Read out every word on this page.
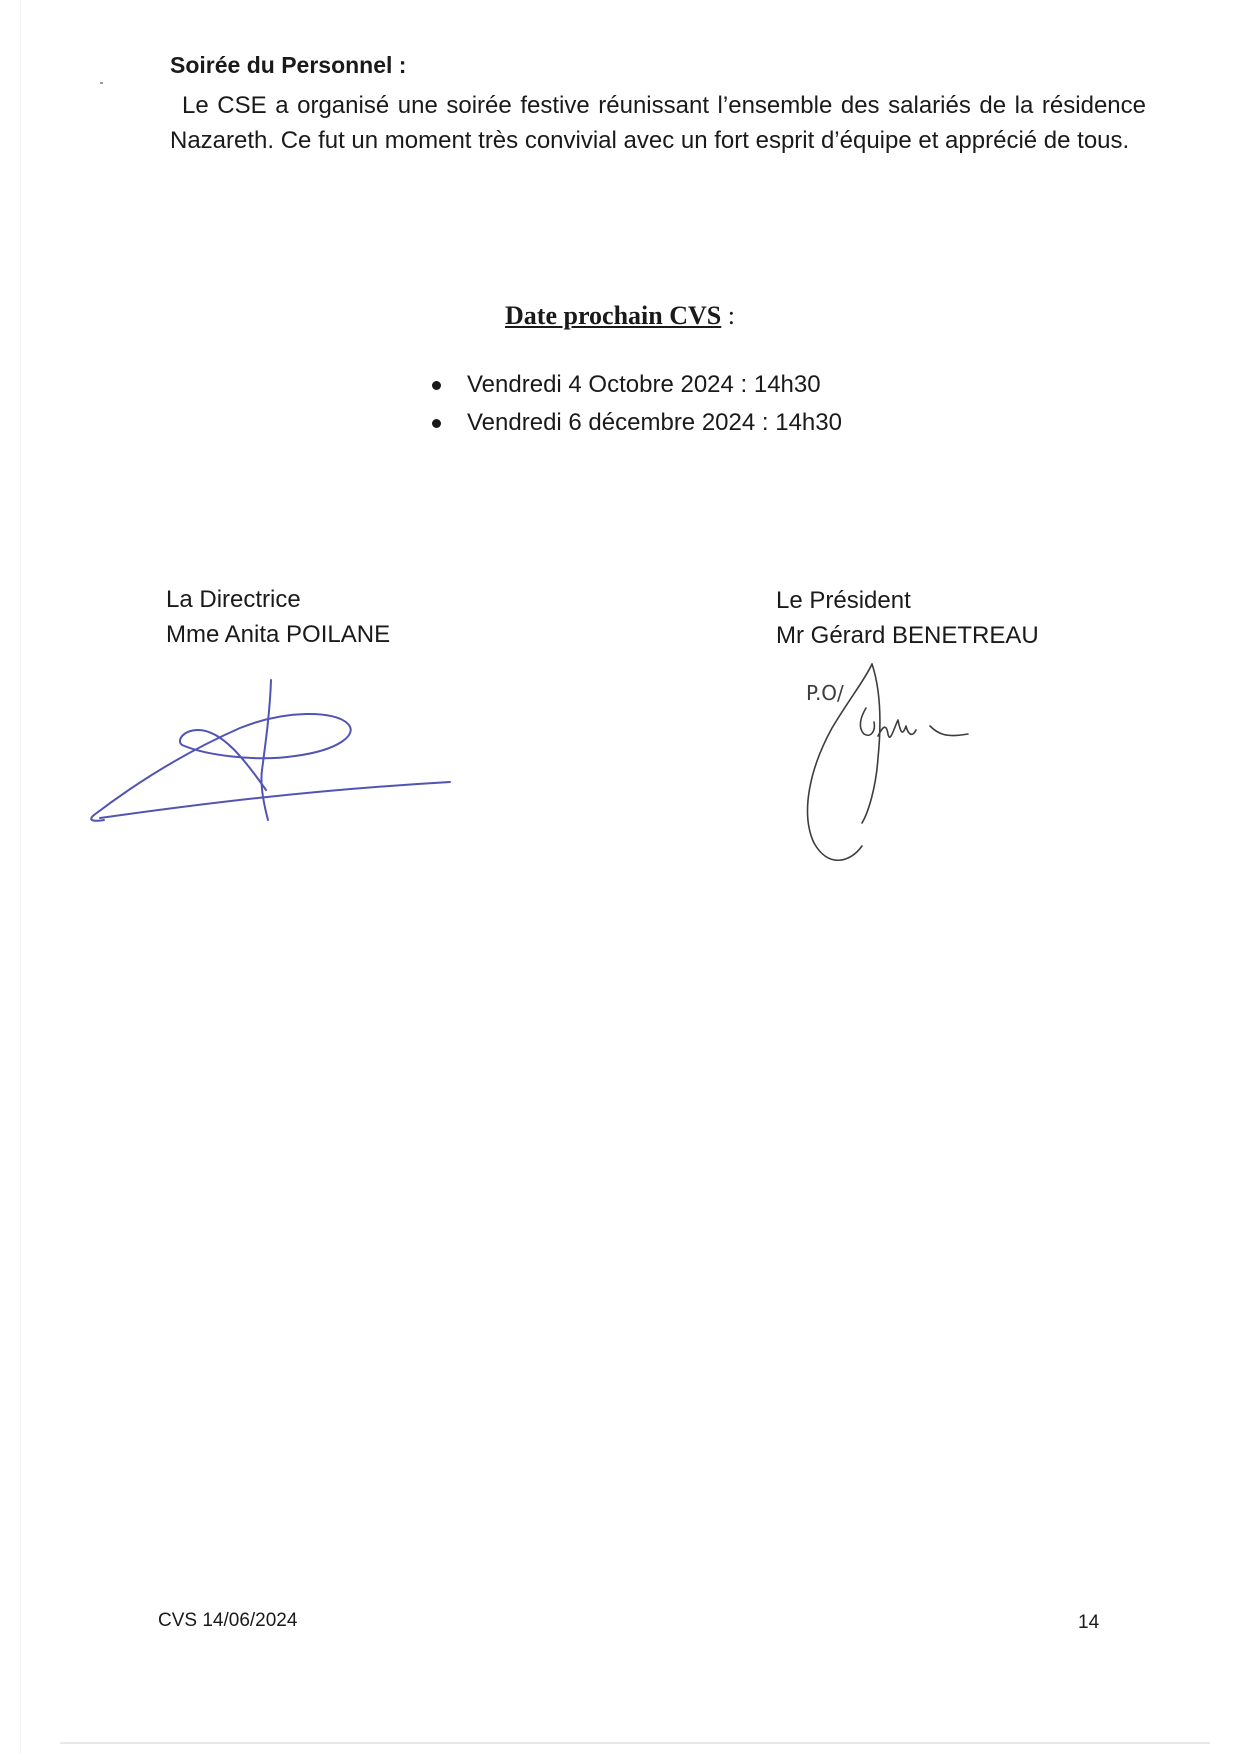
Soirée du Personnel :

Le CSE a organisé une soirée festive réunissant l’ensemble des salariés de la résidence Nazareth. Ce fut un moment très convivial avec un fort esprit d’équipe et apprécié de tous.

Date prochain CVS :
Vendredi 4 Octobre 2024 : 14h30
Vendredi 6 décembre 2024 : 14h30
La Directrice
Mme Anita POILANE
Le Président
Mr Gérard BENETREAU
P.O/
CVS 14/06/2024	14
